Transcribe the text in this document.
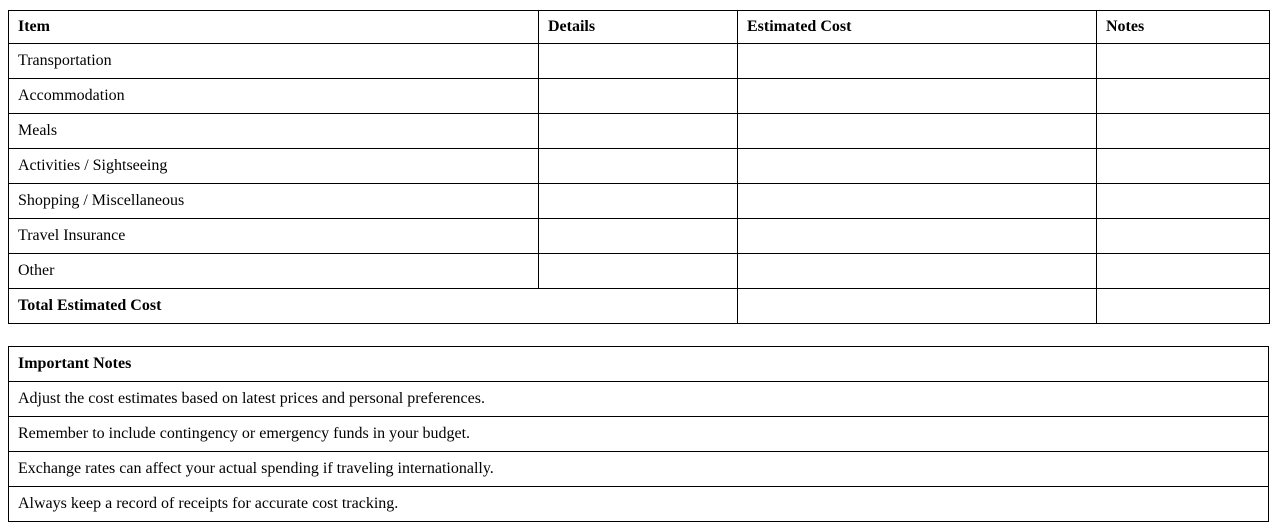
Item	Details	Estimated Cost	Notes
Transportation			
Accommodation			
Meals			
Activities / Sightseeing			
Shopping / Miscellaneous			
Travel Insurance			
Other			
Total Estimated Cost			
Important Notes
Adjust the cost estimates based on latest prices and personal preferences.
Remember to include contingency or emergency funds in your budget.
Exchange rates can affect your actual spending if traveling internationally.
Always keep a record of receipts for accurate cost tracking.
